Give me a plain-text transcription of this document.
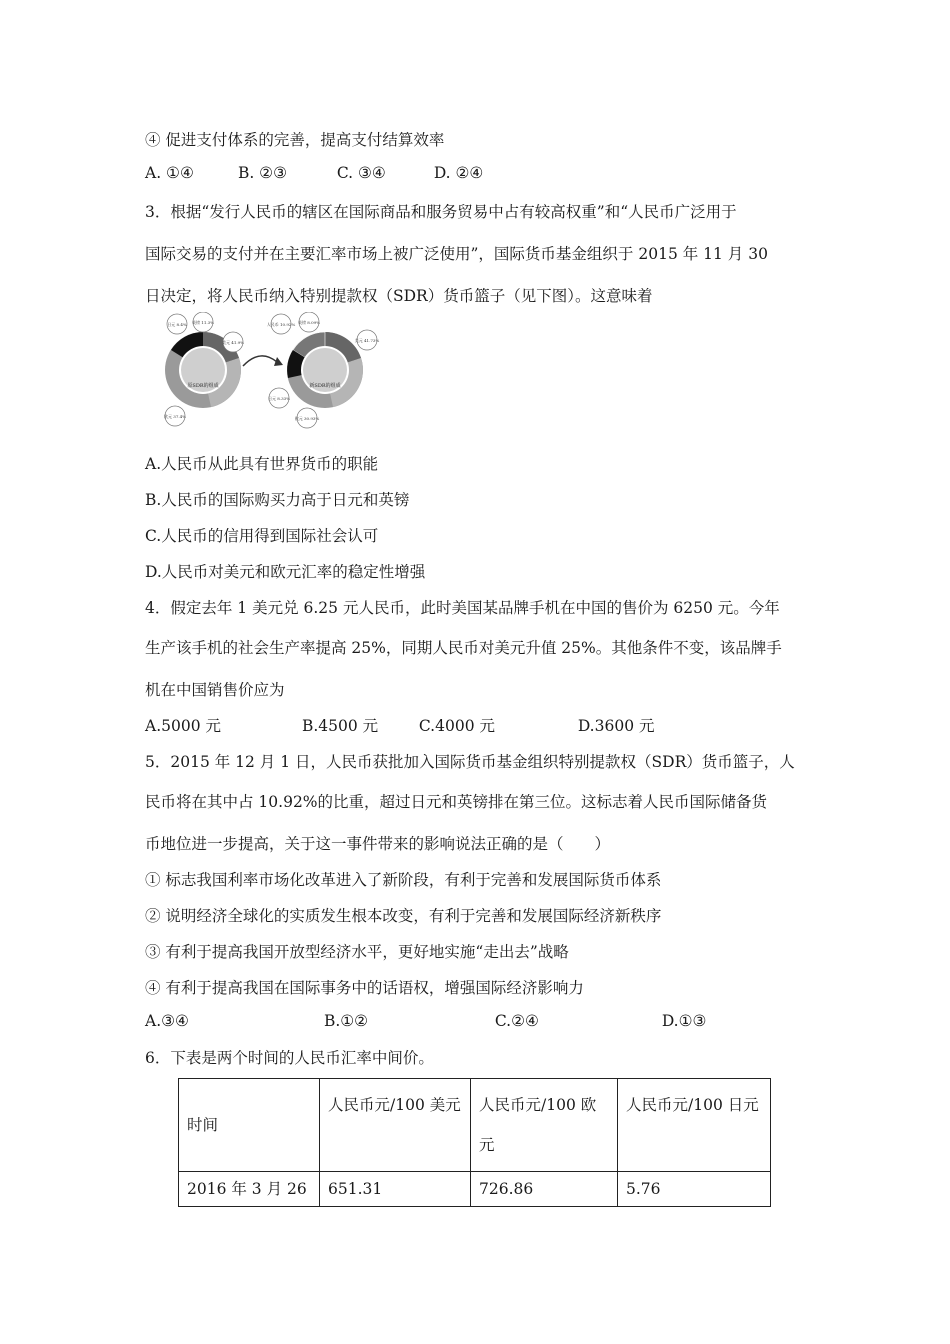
④ 促进支付体系的完善，提高支付结算效率
A. ①④	B. ②③	C. ③④	D. ②④
3．根据“发行人民币的辖区在国际商品和服务贸易中占有较高权重”和“人民币广泛用于
国际交易的支付并在主要汇率市场上被广泛使用”，国际货币基金组织于 2015 年 11 月 30
日决定，将人民币纳入特别提款权（SDR）货币篮子（见下图）。这意味着
原SDR的组成
日元 8.4% 英镑 11.3%
美元 41.9%
欧元 37.4%
新SDR的组成
人民币 10.92% 英镑 8.09%
美元 41.73%
日元 8.33%
欧元 30.93%
A.人民币从此具有世界货币的职能
B.人民币的国际购买力高于日元和英镑
C.人民币的信用得到国际社会认可
D.人民币对美元和欧元汇率的稳定性增强
4．假定去年 1 美元兑 6.25 元人民币，此时美国某品牌手机在中国的售价为 6250 元。今年
生产该手机的社会生产率提高 25%，同期人民币对美元升值 25%。其他条件不变，该品牌手
机在中国销售价应为
A.5000 元	B.4500 元	C.4000 元	D.3600 元
5．2015 年 12 月 1 日，人民币获批加入国际货币基金组织特别提款权（SDR）货币篮子，人
民币将在其中占 10.92%的比重，超过日元和英镑排在第三位。这标志着人民币国际储备货
币地位进一步提高，关于这一事件带来的影响说法正确的是（　　）
① 标志我国利率市场化改革进入了新阶段，有利于完善和发展国际货币体系
② 说明经济全球化的实质发生根本改变，有利于完善和发展国际经济新秩序
③ 有利于提高我国开放型经济水平，更好地实施“走出去”战略
④ 有利于提高我国在国际事务中的话语权，增强国际经济影响力
A.③④	B.①②	C.②④	D.①③
6．下表是两个时间的人民币汇率中间价。
时间	人民币元/100 美元	人民币元/100 欧元	人民币元/100 日元
2016 年 3 月 26	651.31	726.86	5.76
